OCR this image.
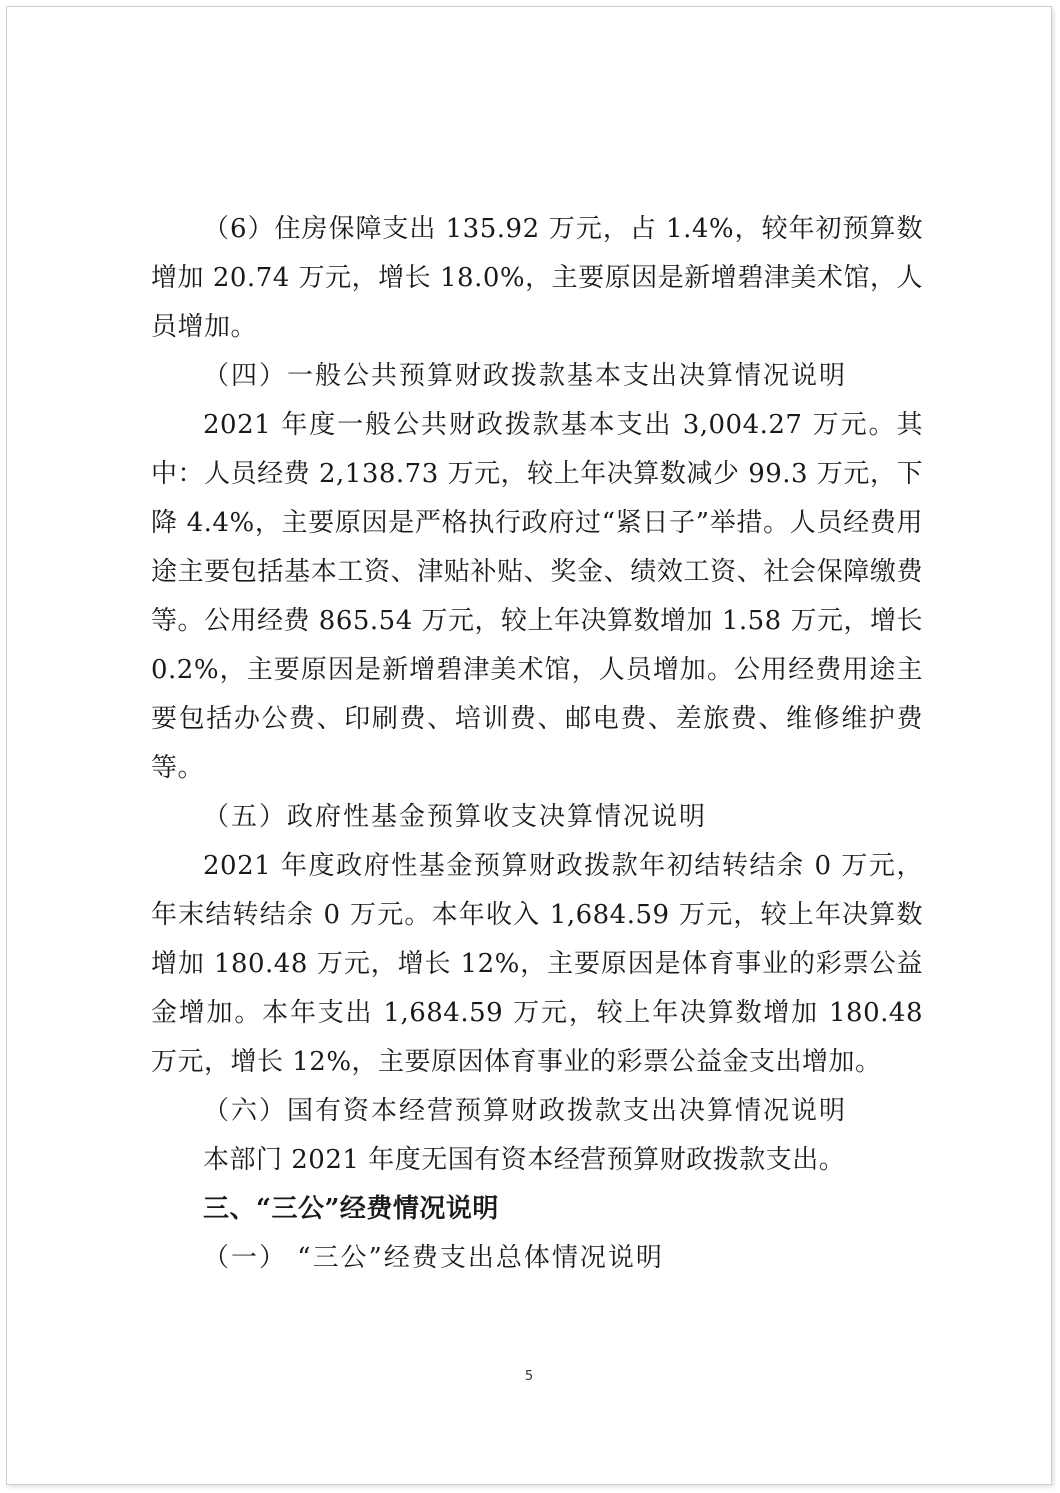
（6）住房保障支出 135.92 万元，占 1.4%，较年初预算数增加 20.74 万元，增长 18.0%，主要原因是新增碧津美术馆，人员增加。

（四）一般公共预算财政拨款基本支出决算情况说明

2021 年度一般公共财政拨款基本支出 3,004.27 万元。其中：人员经费 2,138.73 万元，较上年决算数减少 99.3 万元，下降 4.4%，主要原因是严格执行政府过“紧日子”举措。人员经费用途主要包括基本工资、津贴补贴、奖金、绩效工资、社会保障缴费等。公用经费 865.54 万元，较上年决算数增加 1.58 万元，增长 0.2%，主要原因是新增碧津美术馆，人员增加。公用经费用途主要包括办公费、印刷费、培训费、邮电费、差旅费、维修维护费等。

（五）政府性基金预算收支决算情况说明

2021 年度政府性基金预算财政拨款年初结转结余 0 万元，年末结转结余 0 万元。本年收入 1,684.59 万元，较上年决算数增加 180.48 万元，增长 12%，主要原因是体育事业的彩票公益金增加。本年支出 1,684.59 万元，较上年决算数增加 180.48 万元，增长 12%，主要原因体育事业的彩票公益金支出增加。

（六）国有资本经营预算财政拨款支出决算情况说明

本部门 2021 年度无国有资本经营预算财政拨款支出。

三、“三公”经费情况说明

（一） “三公”经费支出总体情况说明

5
